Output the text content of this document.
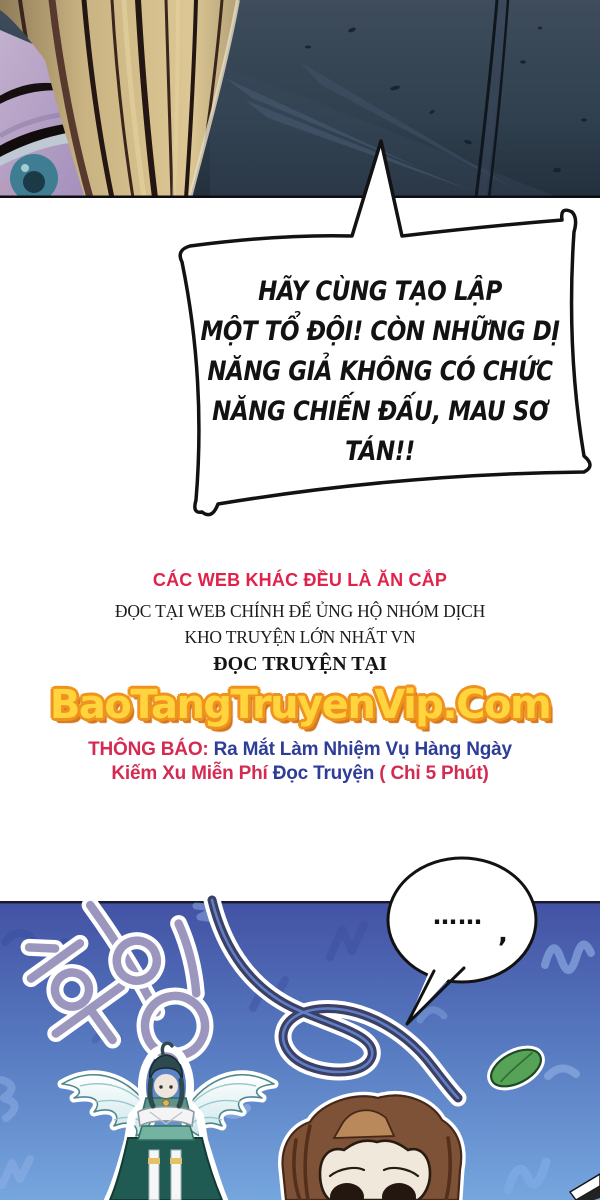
HÃY CÙNG TẠO LẬP
MỘT TỔ ĐỘI! CÒN NHỮNG DỊ
NĂNG GIẢ KHÔNG CÓ CHỨC
NĂNG CHIẾN ĐẤU, MAU SƠ
TÁN!!
CÁC WEB KHÁC ĐỀU LÀ ĂN CẮP
ĐỌC TẠI WEB CHÍNH ĐỂ ỦNG HỘ NHÓM DỊCH
KHO TRUYỆN LỚN NHẤT VN
ĐỌC TRUYỆN TẠI
BaoTangTruyenVip.Com
THÔNG BÁO: Ra Mắt Làm Nhiệm Vụ Hàng Ngày
Kiếm Xu Miễn Phí Đọc Truyện ( Chỉ 5 Phút)
……
,
